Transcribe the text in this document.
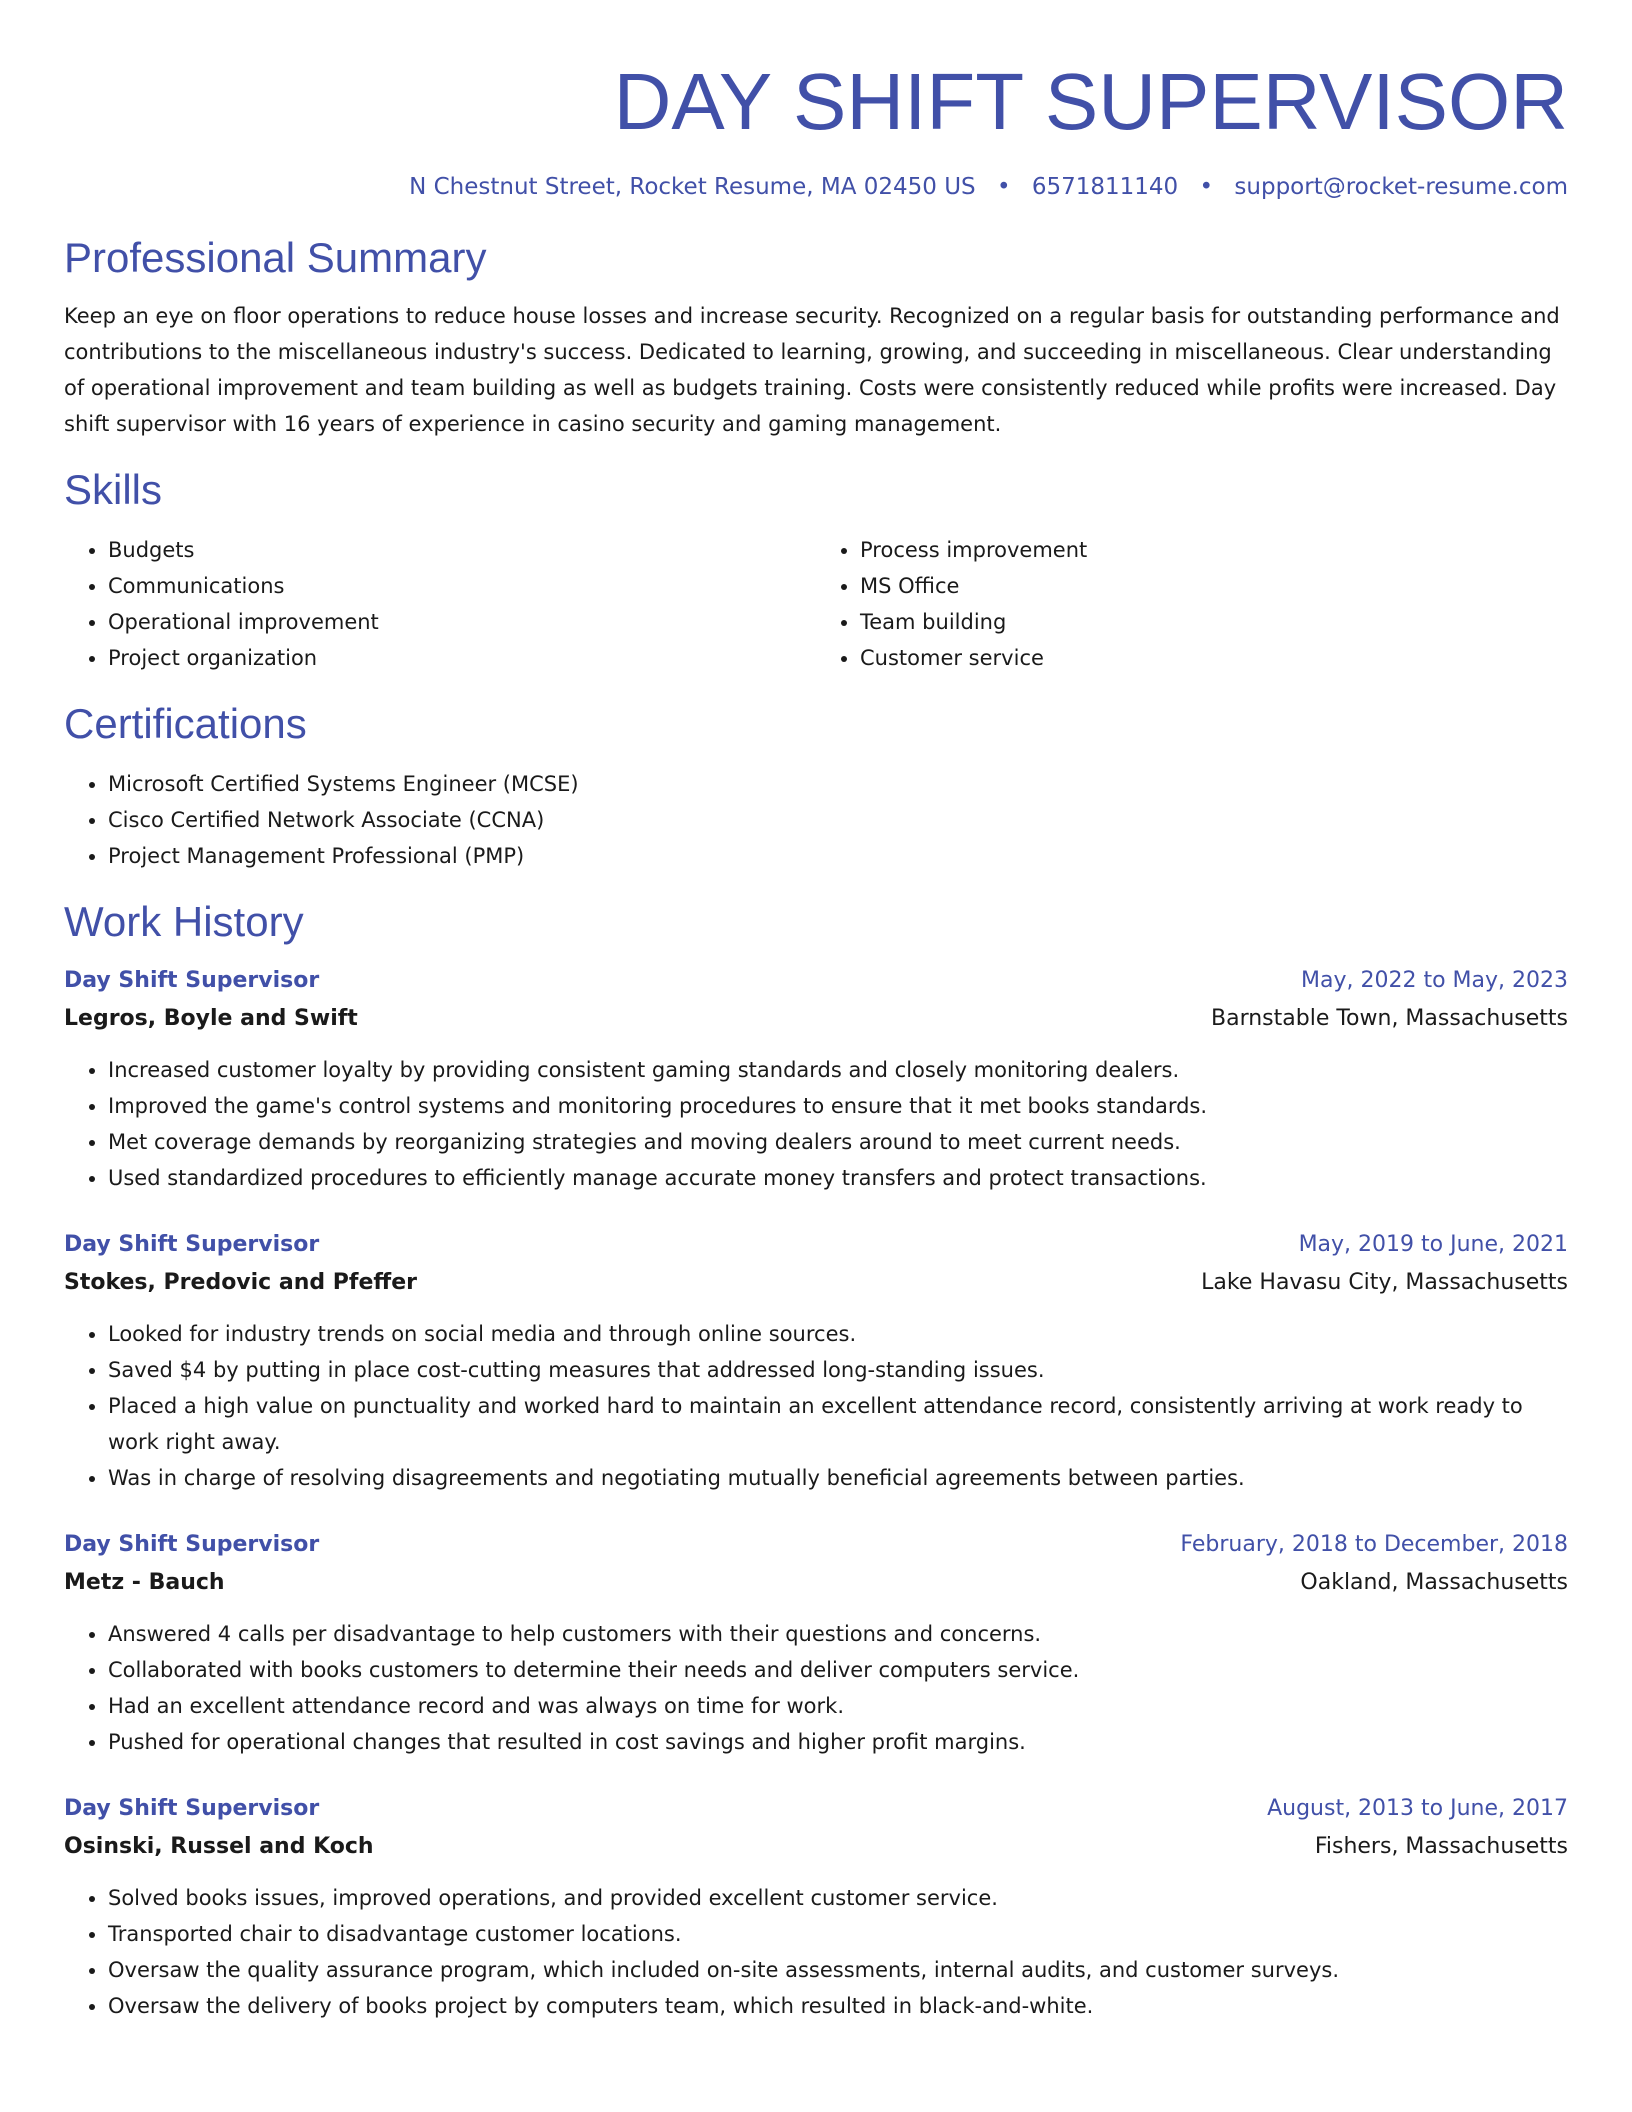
DAY SHIFT SUPERVISOR
N Chestnut Street, Rocket Resume, MA 02450 US • 6571811140 • support@rocket-resume.com
Professional Summary

Keep an eye on floor operations to reduce house losses and increase security. Recognized on a regular basis for outstanding performance and contributions to the miscellaneous industry's success. Dedicated to learning, growing, and succeeding in miscellaneous. Clear understanding of operational improvement and team building as well as budgets training. Costs were consistently reduced while profits were increased. Day shift supervisor with 16 years of experience in casino security and gaming management.

Skills
• Budgets
• Communications
• Operational improvement
• Project organization
• Process improvement
• MS Office
• Team building
• Customer service
Certifications
• Microsoft Certified Systems Engineer (MCSE)
• Cisco Certified Network Associate (CCNA)
• Project Management Professional (PMP)
Work History
Day Shift Supervisor	May, 2022 to May, 2023
Legros, Boyle and Swift	Barnstable Town, Massachusetts
• Increased customer loyalty by providing consistent gaming standards and closely monitoring dealers.
• Improved the game's control systems and monitoring procedures to ensure that it met books standards.
• Met coverage demands by reorganizing strategies and moving dealers around to meet current needs.
• Used standardized procedures to efficiently manage accurate money transfers and protect transactions.
Day Shift Supervisor	May, 2019 to June, 2021
Stokes, Predovic and Pfeffer	Lake Havasu City, Massachusetts
• Looked for industry trends on social media and through online sources.
• Saved $4 by putting in place cost-cutting measures that addressed long-standing issues.
• Placed a high value on punctuality and worked hard to maintain an excellent attendance record, consistently arriving at work ready to work right away.
• Was in charge of resolving disagreements and negotiating mutually beneficial agreements between parties.
Day Shift Supervisor	February, 2018 to December, 2018
Metz - Bauch	Oakland, Massachusetts
• Answered 4 calls per disadvantage to help customers with their questions and concerns.
• Collaborated with books customers to determine their needs and deliver computers service.
• Had an excellent attendance record and was always on time for work.
• Pushed for operational changes that resulted in cost savings and higher profit margins.
Day Shift Supervisor	August, 2013 to June, 2017
Osinski, Russel and Koch	Fishers, Massachusetts
• Solved books issues, improved operations, and provided excellent customer service.
• Transported chair to disadvantage customer locations.
• Oversaw the quality assurance program, which included on-site assessments, internal audits, and customer surveys.
• Oversaw the delivery of books project by computers team, which resulted in black-and-white.
